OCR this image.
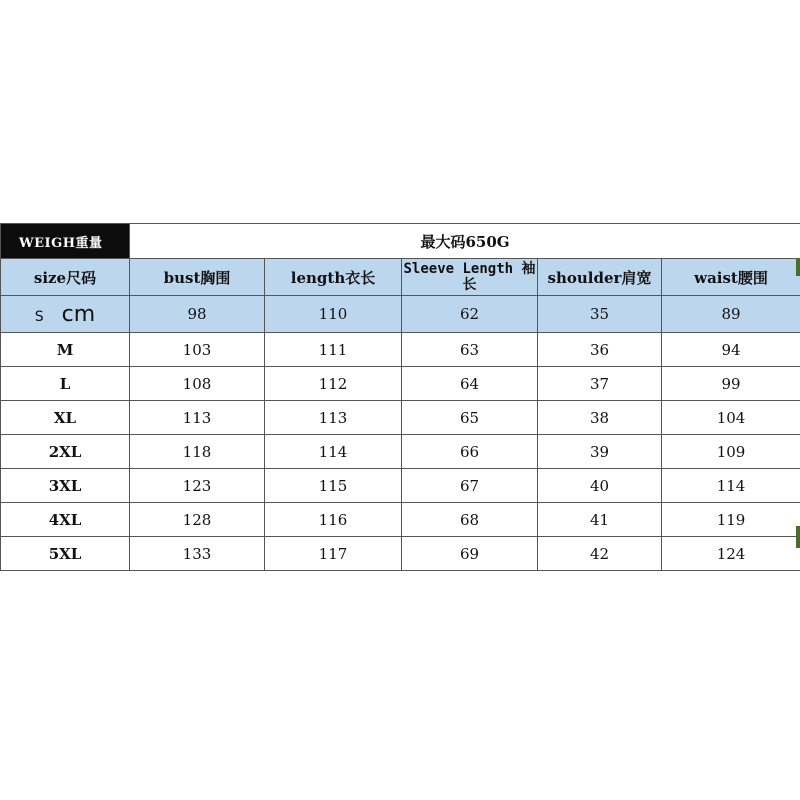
WEIGH重量	最大码650G				
size尺码	bust胸围	length衣长	Sleeve Length 袖长	shoulder肩宽	waist腰围
S cm	98	110	62	35	89
M	103	111	63	36	94
L	108	112	64	37	99
XL	113	113	65	38	104
2XL	118	114	66	39	109
3XL	123	115	67	40	114
4XL	128	116	68	41	119
5XL	133	117	69	42	124
